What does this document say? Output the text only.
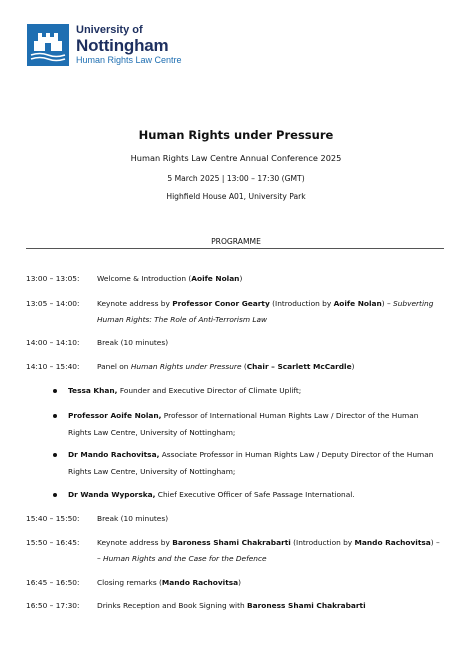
University of
Nottingham
Human Rights Law Centre
Human Rights under Pressure
Human Rights Law Centre Annual Conference 2025
5 March 2025 | 13:00 – 17:30 (GMT)
Highfield House A01, University Park
PROGRAMME
13:00 – 13:05: Welcome & Introduction (Aoife Nolan)
13:05 – 14:00: Keynote address by Professor Conor Gearty (Introduction by Aoife Nolan) – Subverting
Human Rights: The Role of Anti-Terrorism Law
14:00 – 14:10: Break (10 minutes)
14:10 – 15:40: Panel on Human Rights under Pressure (Chair – Scarlett McCardle)
Tessa Khan, Founder and Executive Director of Climate Uplift;
Professor Aoife Nolan, Professor of International Human Rights Law / Director of the Human
Rights Law Centre, University of Nottingham;
Dr Mando Rachovitsa, Associate Professor in Human Rights Law / Deputy Director of the Human
Rights Law Centre, University of Nottingham;
Dr Wanda Wyporska, Chief Executive Officer of Safe Passage International.
15:40 – 15:50: Break (10 minutes)
15:50 – 16:45: Keynote address by Baroness Shami Chakrabarti (Introduction by Mando Rachovitsa) –
– Human Rights and the Case for the Defence
16:45 – 16:50: Closing remarks (Mando Rachovitsa)
16:50 – 17:30: Drinks Reception and Book Signing with Baroness Shami Chakrabarti
